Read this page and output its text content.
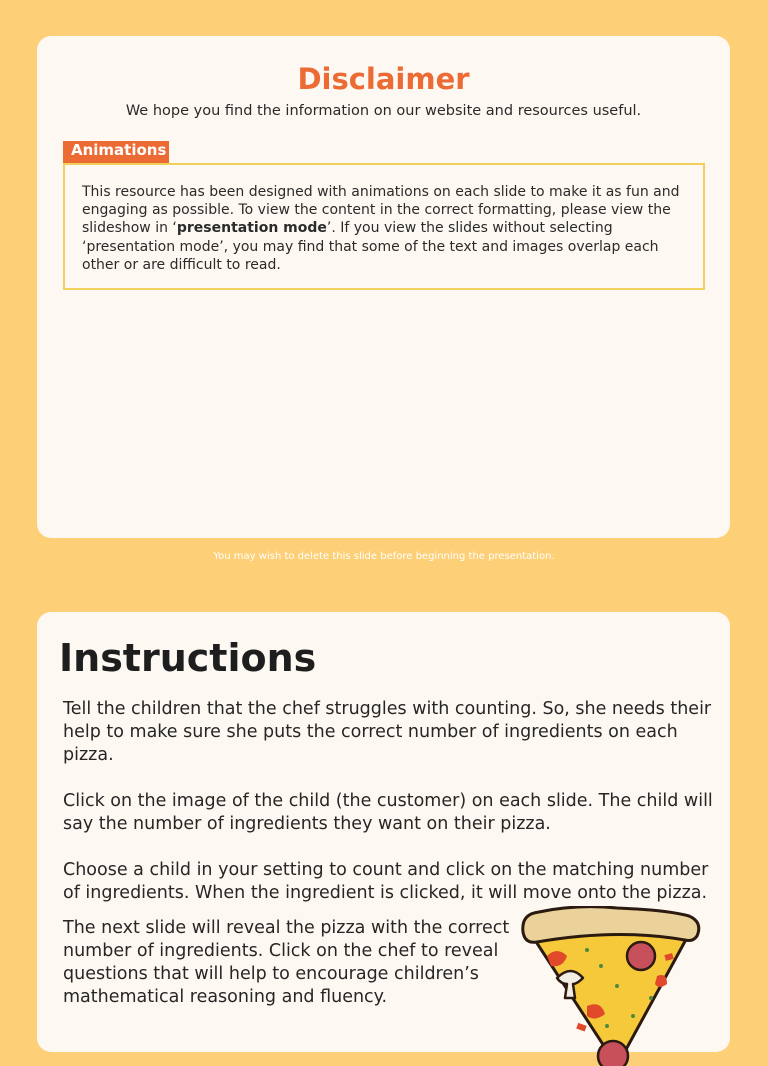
Disclaimer
We hope you find the information on our website and resources useful.
Animations
This resource has been designed with animations on each slide to make it as fun and engaging as possible. To view the content in the correct formatting, please view the slideshow in ‘presentation mode’. If you view the slides without selecting ‘presentation mode’, you may find that some of the text and images overlap each other or are difficult to read.
You may wish to delete this slide before beginning the presentation.
Instructions

Tell the children that the chef struggles with counting. So, she needs their help to make sure she puts the correct number of ingredients on each pizza.

Click on the image of the child (the customer) on each slide. The child will say the number of ingredients they want on their pizza.

Choose a child in your setting to count and click on the matching number of ingredients. When the ingredient is clicked, it will move onto the pizza.

The next slide will reveal the pizza with the correct number of ingredients. Click on the chef to reveal questions that will help to encourage children’s mathematical reasoning and fluency.
